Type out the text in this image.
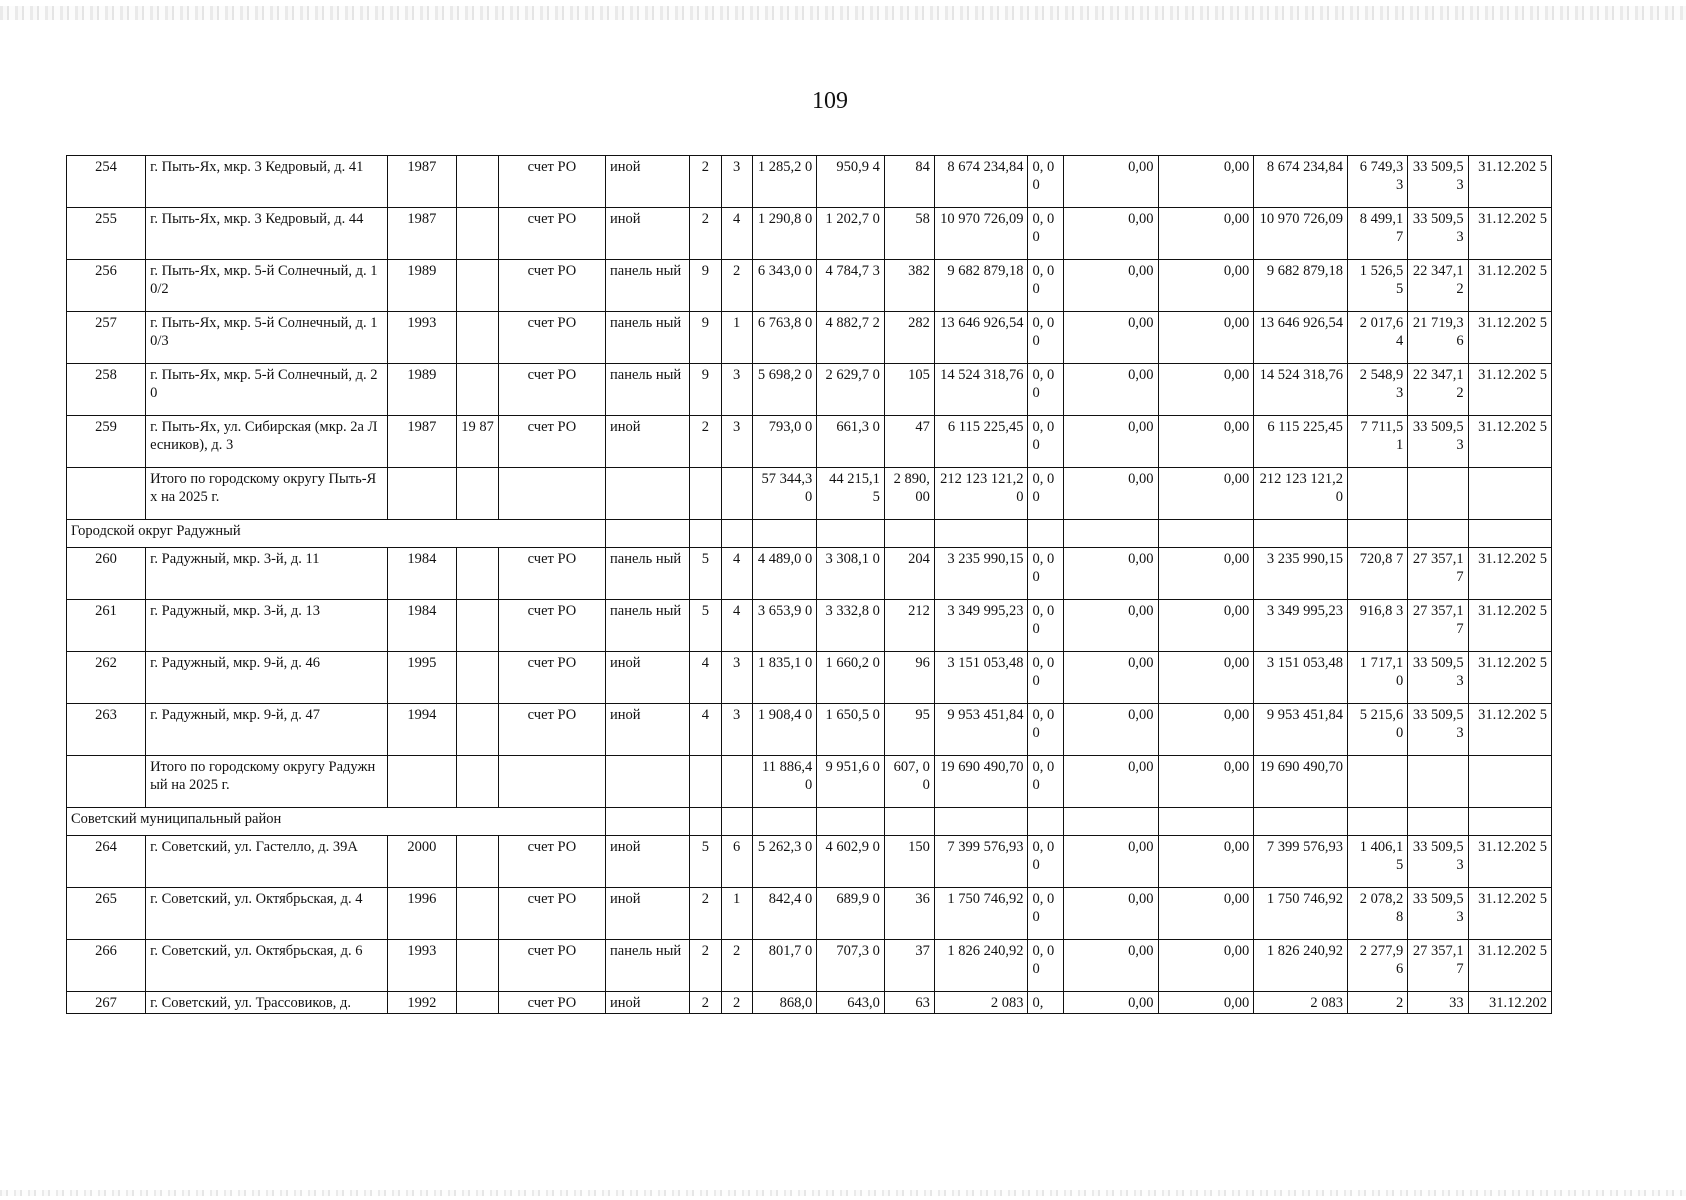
109
254	г. Пыть-Ях, мкр. 3 Кедровый, д. 41	1987		счет РО	иной	2	3	1 285,2 0	950,9 4	84	8 674 234,84	0, 00	0,00	0,00	8 674 234,84	6 749,3 3	33 509,5 3	31.12.202 5
255	г. Пыть-Ях, мкр. 3 Кедровый, д. 44	1987		счет РО	иной	2	4	1 290,8 0	1 202,7 0	58	10 970 726,09	0, 00	0,00	0,00	10 970 726,09	8 499,1 7	33 509,5 3	31.12.202 5
256	г. Пыть-Ях, мкр. 5-й Солнечный, д. 10/2	1989		счет РО	панель ный	9	2	6 343,0 0	4 784,7 3	382	9 682 879,18	0, 00	0,00	0,00	9 682 879,18	1 526,5 5	22 347,1 2	31.12.202 5
257	г. Пыть-Ях, мкр. 5-й Солнечный, д. 10/3	1993		счет РО	панель ный	9	1	6 763,8 0	4 882,7 2	282	13 646 926,54	0, 00	0,00	0,00	13 646 926,54	2 017,6 4	21 719,3 6	31.12.202 5
258	г. Пыть-Ях, мкр. 5-й Солнечный, д. 20	1989		счет РО	панель ный	9	3	5 698,2 0	2 629,7 0	105	14 524 318,76	0, 00	0,00	0,00	14 524 318,76	2 548,9 3	22 347,1 2	31.12.202 5
259	г. Пыть-Ях, ул. Сибирская (мкр. 2а Лесников), д. 3	1987	19 87	счет РО	иной	2	3	793,0 0	661,3 0	47	6 115 225,45	0, 00	0,00	0,00	6 115 225,45	7 711,5 1	33 509,5 3	31.12.202 5
	Итого по городскому округу Пыть-Ях на 2025 г.							57 344,3 0	44 215,1 5	2 890, 00	212 123 121,20	0, 00	0,00	0,00	212 123 121,20			
Городской округ Радужный																		
260	г. Радужный, мкр. 3-й, д. 11	1984		счет РО	панель ный	5	4	4 489,0 0	3 308,1 0	204	3 235 990,15	0, 00	0,00	0,00	3 235 990,15	720,8 7	27 357,1 7	31.12.202 5
261	г. Радужный, мкр. 3-й, д. 13	1984		счет РО	панель ный	5	4	3 653,9 0	3 332,8 0	212	3 349 995,23	0, 00	0,00	0,00	3 349 995,23	916,8 3	27 357,1 7	31.12.202 5
262	г. Радужный, мкр. 9-й, д. 46	1995		счет РО	иной	4	3	1 835,1 0	1 660,2 0	96	3 151 053,48	0, 00	0,00	0,00	3 151 053,48	1 717,1 0	33 509,5 3	31.12.202 5
263	г. Радужный, мкр. 9-й, д. 47	1994		счет РО	иной	4	3	1 908,4 0	1 650,5 0	95	9 953 451,84	0, 00	0,00	0,00	9 953 451,84	5 215,6 0	33 509,5 3	31.12.202 5
	Итого по городскому округу Радужный на 2025 г.							11 886,4 0	9 951,6 0	607, 00	19 690 490,70	0, 00	0,00	0,00	19 690 490,70			
Советский муниципальный район																		
264	г. Советский, ул. Гастелло, д. 39А	2000		счет РО	иной	5	6	5 262,3 0	4 602,9 0	150	7 399 576,93	0, 00	0,00	0,00	7 399 576,93	1 406,1 5	33 509,5 3	31.12.202 5
265	г. Советский, ул. Октябрьская, д. 4	1996		счет РО	иной	2	1	842,4 0	689,9 0	36	1 750 746,92	0, 00	0,00	0,00	1 750 746,92	2 078,2 8	33 509,5 3	31.12.202 5
266	г. Советский, ул. Октябрьская, д. 6	1993		счет РО	панель ный	2	2	801,7 0	707,3 0	37	1 826 240,92	0, 00	0,00	0,00	1 826 240,92	2 277,9 6	27 357,1 7	31.12.202 5
267	г. Советский, ул. Трассовиков, д.	1992		счет РО	иной	2	2	868,0	643,0	63	2 083	0,	0,00	0,00	2 083	2	33	31.12.202
